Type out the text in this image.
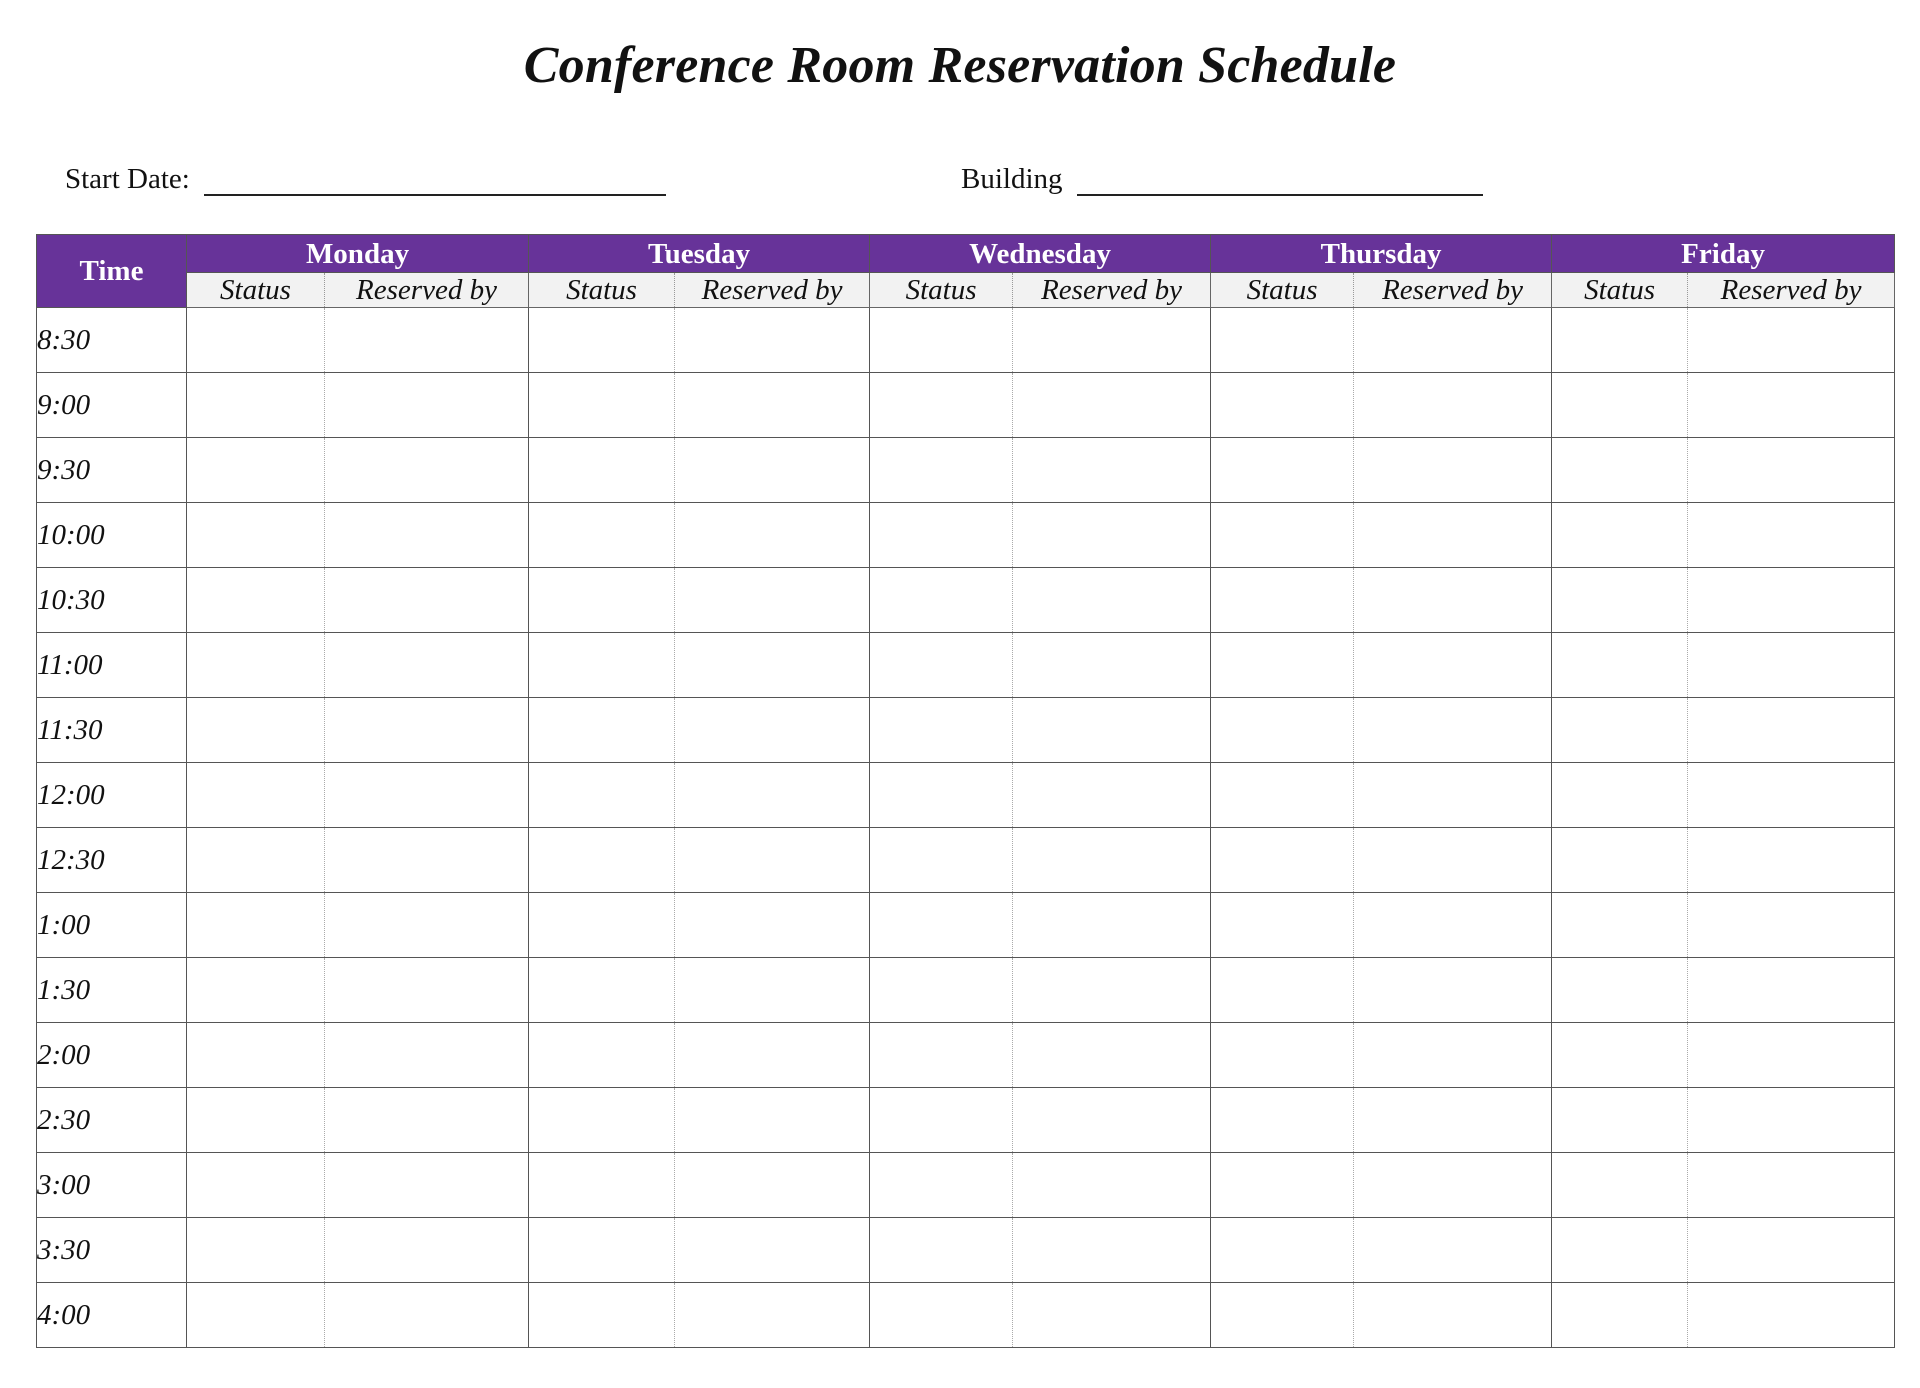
Conference Room Reservation Schedule
Start Date:	Building
Time	Monday		Tuesday		Wednesday		Thursday		Friday	
	Status	Reserved by	Status	Reserved by	Status	Reserved by	Status	Reserved by	Status	Reserved by
8:30										
9:00										
9:30										
10:00										
10:30										
11:00										
11:30										
12:00										
12:30										
1:00										
1:30										
2:00										
2:30										
3:00										
3:30										
4:00										
